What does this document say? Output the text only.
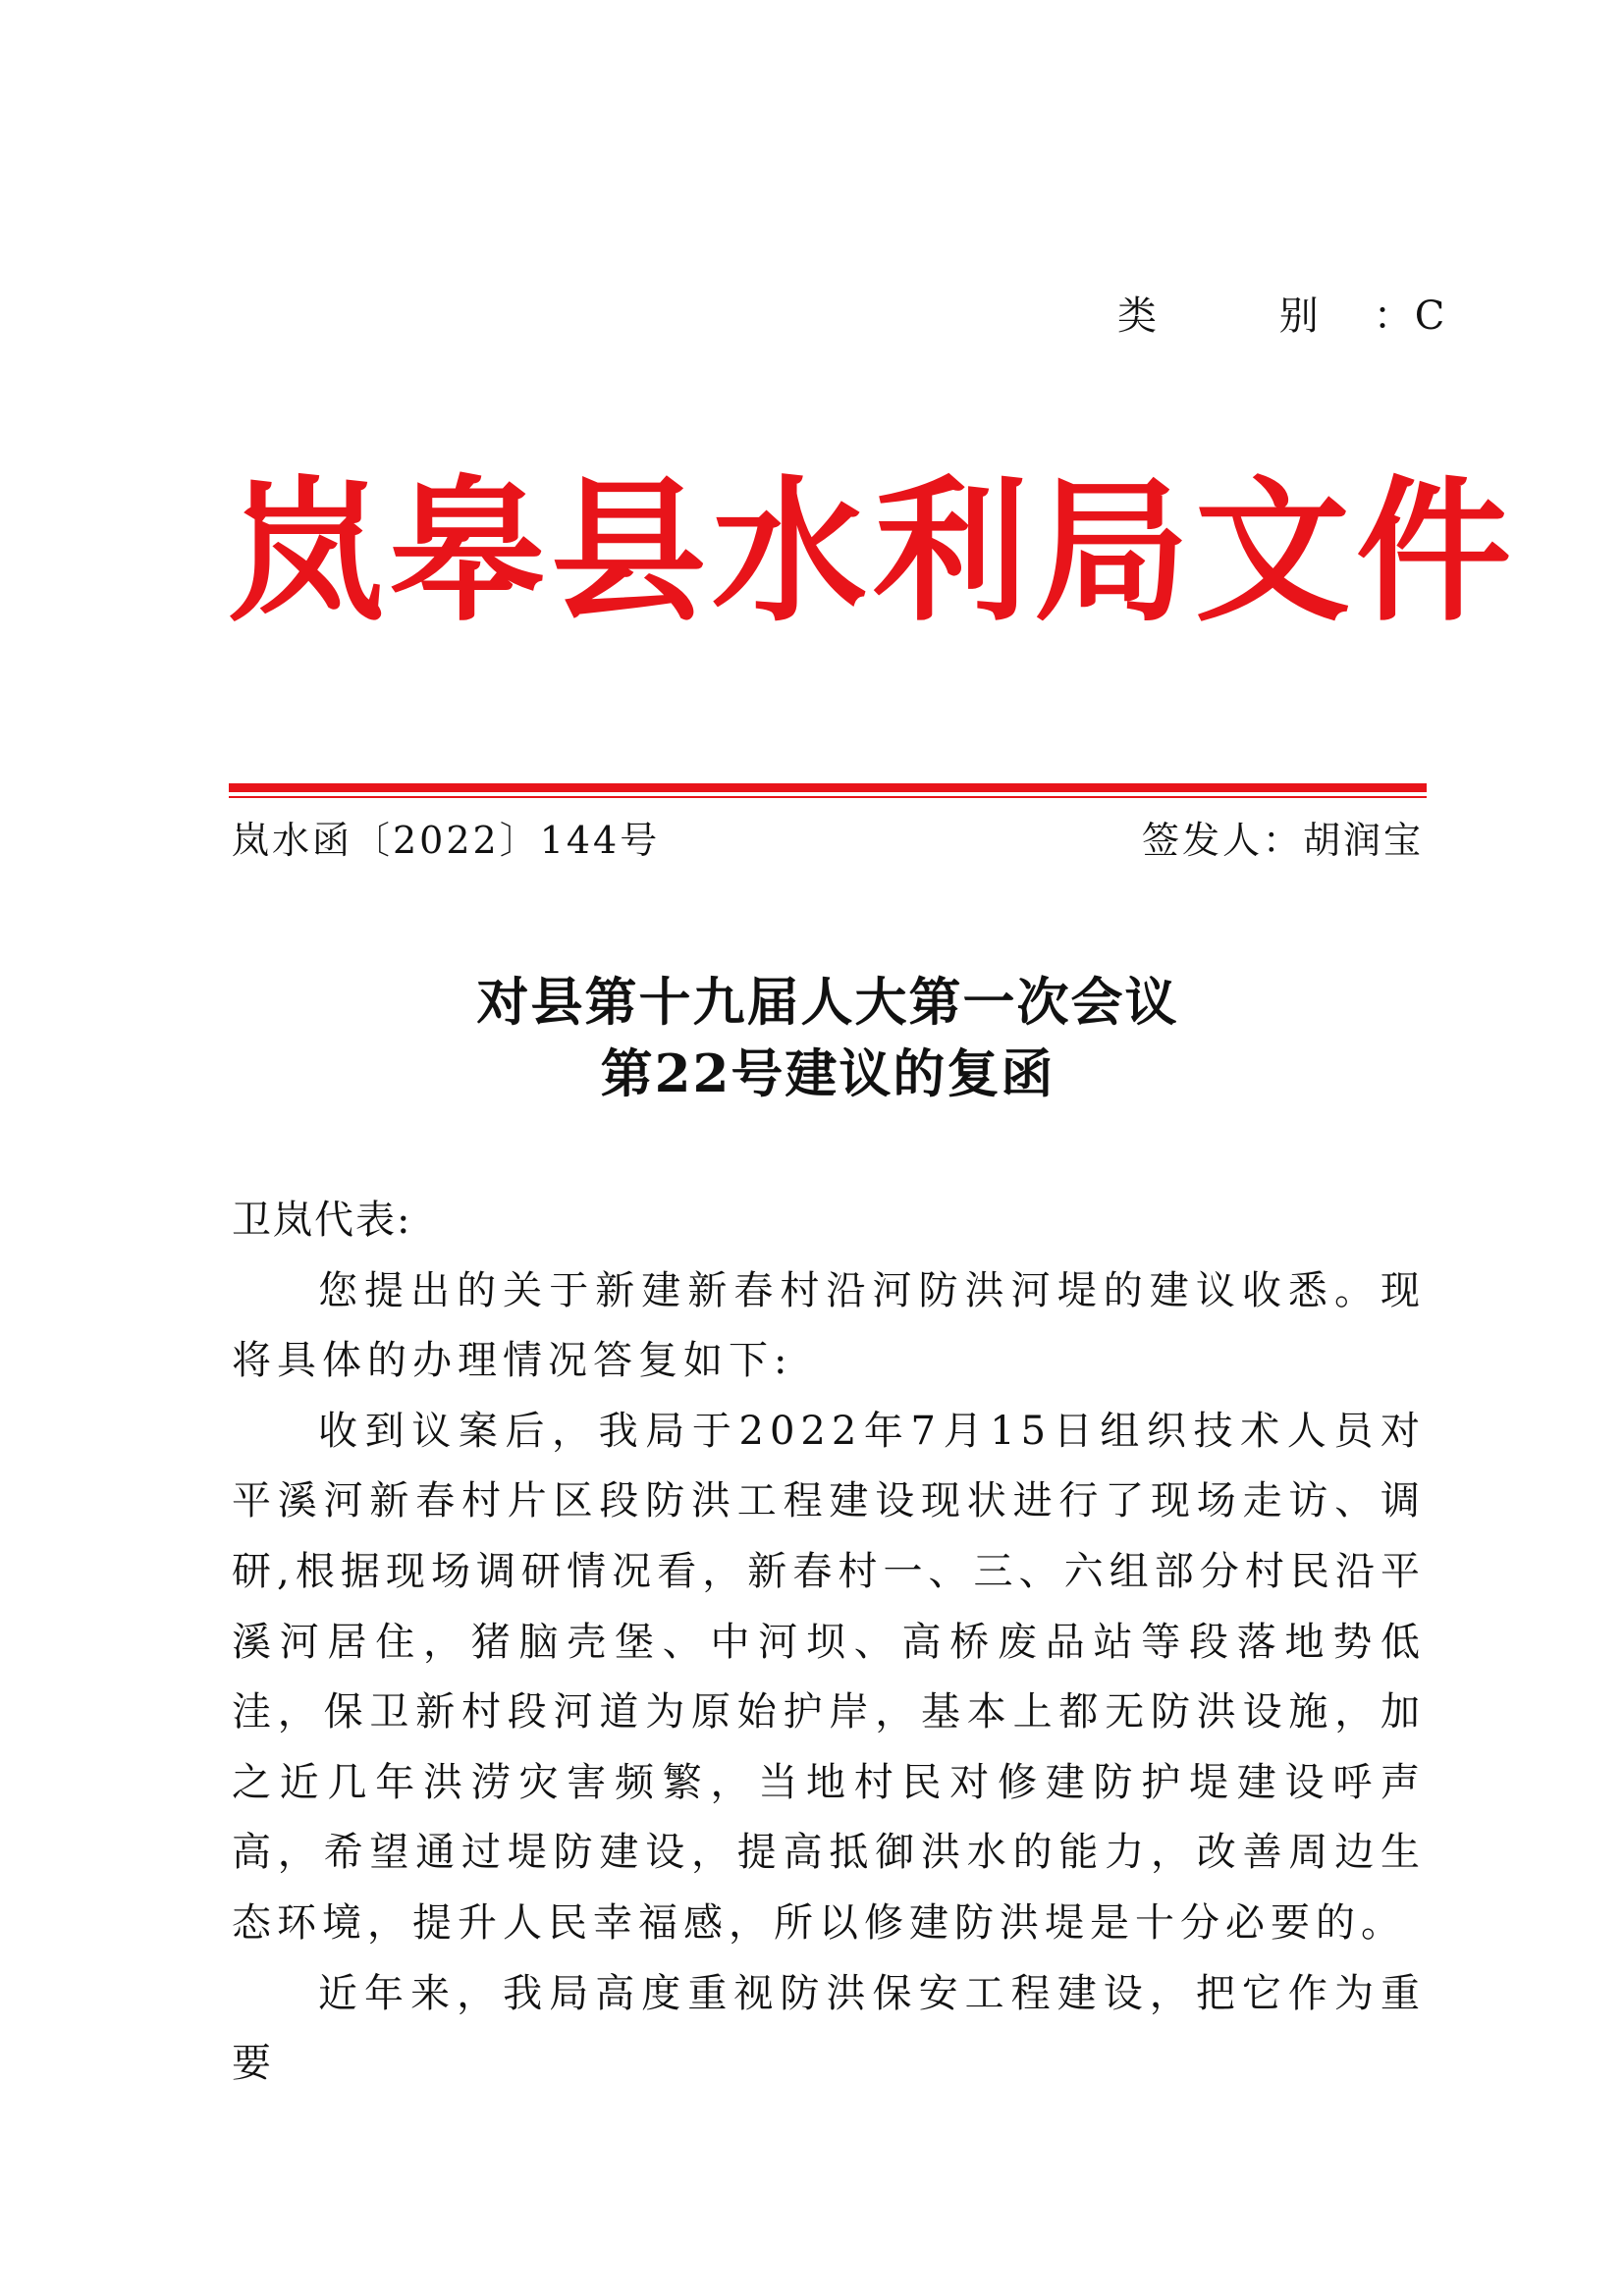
类 别：C
岚皋县水利局文件
岚水函〔2022〕144号	签发人：胡润宝
对县第十九届人大第一次会议
第22号建议的复函

卫岚代表:

您提出的关于新建新春村沿河防洪河堤的建议收悉。现将具体的办理情况答复如下:

收到议案后，我局于2022年7月15日组织技术人员对平溪河新春村片区段防洪工程建设现状进行了现场走访、调研,根据现场调研情况看，新春村一、三、六组部分村民沿平溪河居住，猪脑壳堡、中河坝、高桥废品站等段落地势低洼，保卫新村段河道为原始护岸，基本上都无防洪设施，加之近几年洪涝灾害频繁，当地村民对修建防护堤建设呼声高，希望通过堤防建设，提高抵御洪水的能力，改善周边生态环境，提升人民幸福感，所以修建防洪堤是十分必要的。

近年来，我局高度重视防洪保安工程建设，把它作为重要
